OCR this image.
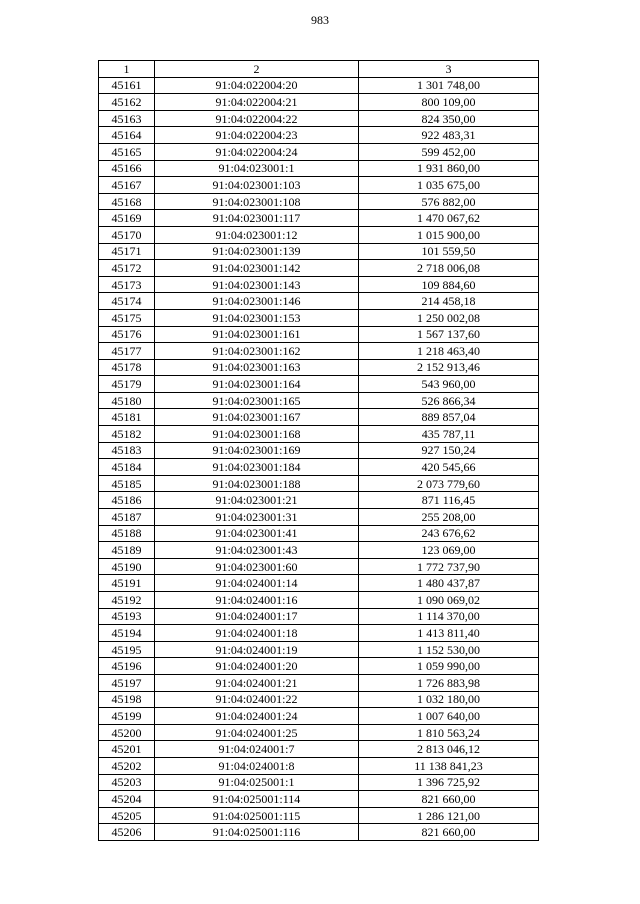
983
1	2	3
45161	91:04:022004:20	1 301 748,00
45162	91:04:022004:21	800 109,00
45163	91:04:022004:22	824 350,00
45164	91:04:022004:23	922 483,31
45165	91:04:022004:24	599 452,00
45166	91:04:023001:1	1 931 860,00
45167	91:04:023001:103	1 035 675,00
45168	91:04:023001:108	576 882,00
45169	91:04:023001:117	1 470 067,62
45170	91:04:023001:12	1 015 900,00
45171	91:04:023001:139	101 559,50
45172	91:04:023001:142	2 718 006,08
45173	91:04:023001:143	109 884,60
45174	91:04:023001:146	214 458,18
45175	91:04:023001:153	1 250 002,08
45176	91:04:023001:161	1 567 137,60
45177	91:04:023001:162	1 218 463,40
45178	91:04:023001:163	2 152 913,46
45179	91:04:023001:164	543 960,00
45180	91:04:023001:165	526 866,34
45181	91:04:023001:167	889 857,04
45182	91:04:023001:168	435 787,11
45183	91:04:023001:169	927 150,24
45184	91:04:023001:184	420 545,66
45185	91:04:023001:188	2 073 779,60
45186	91:04:023001:21	871 116,45
45187	91:04:023001:31	255 208,00
45188	91:04:023001:41	243 676,62
45189	91:04:023001:43	123 069,00
45190	91:04:023001:60	1 772 737,90
45191	91:04:024001:14	1 480 437,87
45192	91:04:024001:16	1 090 069,02
45193	91:04:024001:17	1 114 370,00
45194	91:04:024001:18	1 413 811,40
45195	91:04:024001:19	1 152 530,00
45196	91:04:024001:20	1 059 990,00
45197	91:04:024001:21	1 726 883,98
45198	91:04:024001:22	1 032 180,00
45199	91:04:024001:24	1 007 640,00
45200	91:04:024001:25	1 810 563,24
45201	91:04:024001:7	2 813 046,12
45202	91:04:024001:8	11 138 841,23
45203	91:04:025001:1	1 396 725,92
45204	91:04:025001:114	821 660,00
45205	91:04:025001:115	1 286 121,00
45206	91:04:025001:116	821 660,00
